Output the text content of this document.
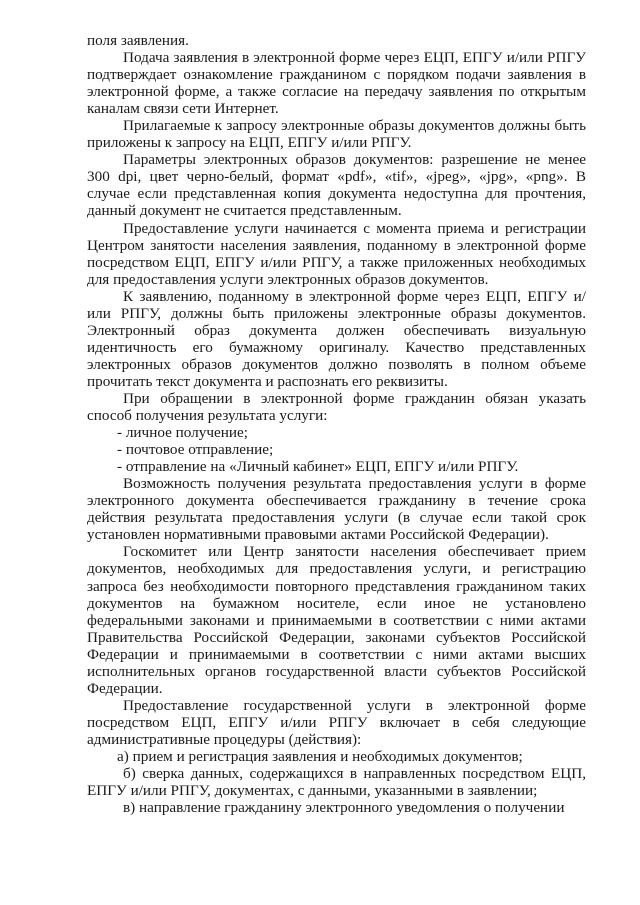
поля заявления.

Подача заявления в электронной форме через ЕЦП, ЕПГУ и/или РПГУ подтверждает ознакомление гражданином с порядком подачи заявления в электронной форме, а также согласие на передачу заявления по открытым каналам связи сети Интернет.

Прилагаемые к запросу электронные образы документов должны быть приложены к запросу на ЕЦП, ЕПГУ и/или РПГУ.

Параметры электронных образов документов: разрешение не менее 300 dpi, цвет черно-белый, формат «pdf», «tif», «jpeg», «jpg», «png». В случае если представленная копия документа недоступна для прочтения, данный документ не считается представленным.

Предоставление услуги начинается с момента приема и регистрации Центром занятости населения заявления, поданному в электронной форме посредством ЕЦП, ЕПГУ и/или РПГУ, а также приложенных необходимых для предоставления услуги электронных образов документов.

К заявлению, поданному в электронной форме через ЕЦП, ЕПГУ и/или РПГУ, должны быть приложены электронные образы документов. Электронный образ документа должен обеспечивать визуальную идентичность его бумажному оригиналу. Качество представленных электронных образов документов должно позволять в полном объеме прочитать текст документа и распознать его реквизиты.

При обращении в электронной форме гражданин обязан указать способ получения результата услуги:

- личное получение;

- почтовое отправление;

- отправление на «Личный кабинет» ЕЦП, ЕПГУ и/или РПГУ.

Возможность получения результата предоставления услуги в форме электронного документа обеспечивается гражданину в течение срока действия результата предоставления услуги (в случае если такой срок установлен нормативными правовыми актами Российской Федерации).

Госкомитет или Центр занятости населения обеспечивает прием документов, необходимых для предоставления услуги, и регистрацию запроса без необходимости повторного представления гражданином таких документов на бумажном носителе, если иное не установлено федеральными законами и принимаемыми в соответствии с ними актами Правительства Российской Федерации, законами субъектов Российской Федерации и принимаемыми в соответствии с ними актами высших исполнительных органов государственной власти субъектов Российской Федерации.

Предоставление государственной услуги в электронной форме посредством ЕЦП, ЕПГУ и/или РПГУ включает в себя следующие административные процедуры (действия):

а) прием и регистрация заявления и необходимых документов;

б) сверка данных, содержащихся в направленных посредством ЕЦП, ЕПГУ и/или РПГУ, документах, с данными, указанными в заявлении;

в) направление гражданину электронного уведомления о получении
